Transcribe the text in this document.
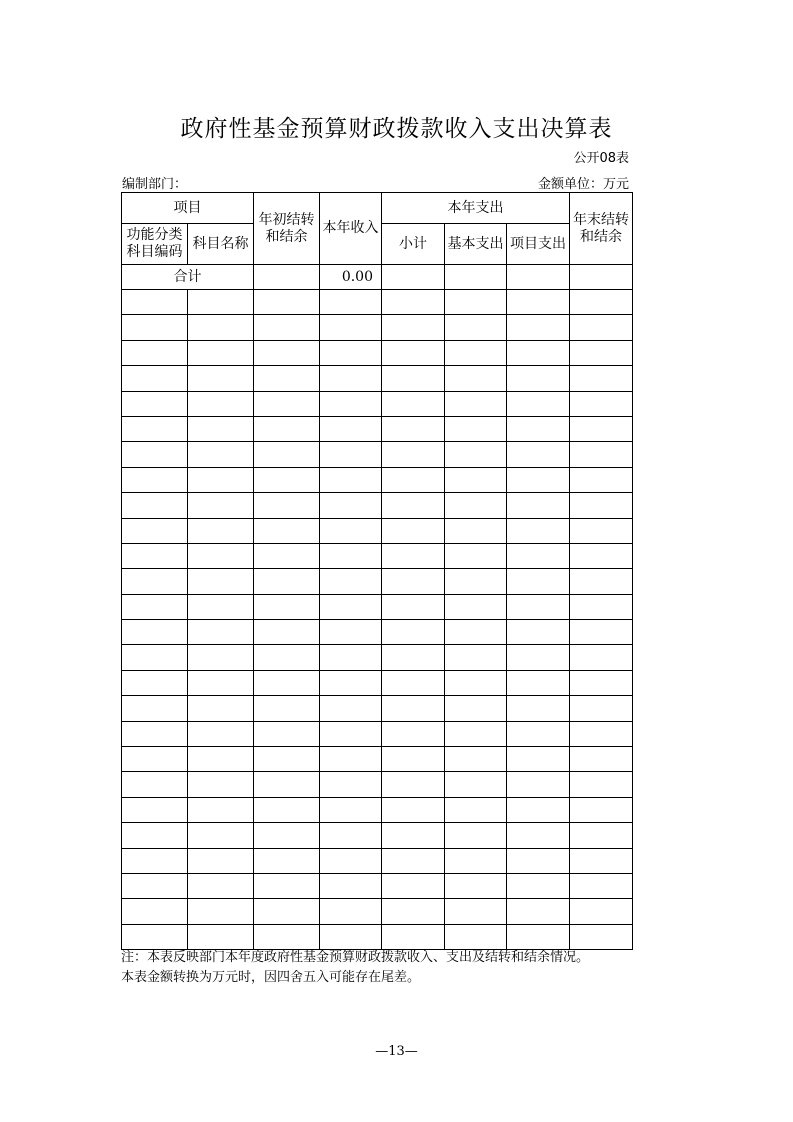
政府性基金预算财政拨款收入支出决算表
公开08表
编制部门：	金额单位：万元
项目		年初结转和结余	本年收入	本年支出			年末结转和结余
功能分类科目编码	科目名称			小计	基本支出	项目支出	
合计			0.00				

注：本表反映部门本年度政府性基金预算财政拨款收入、支出及结转和结余情况。
本表金额转换为万元时，因四舍五入可能存在尾差。
—13—
